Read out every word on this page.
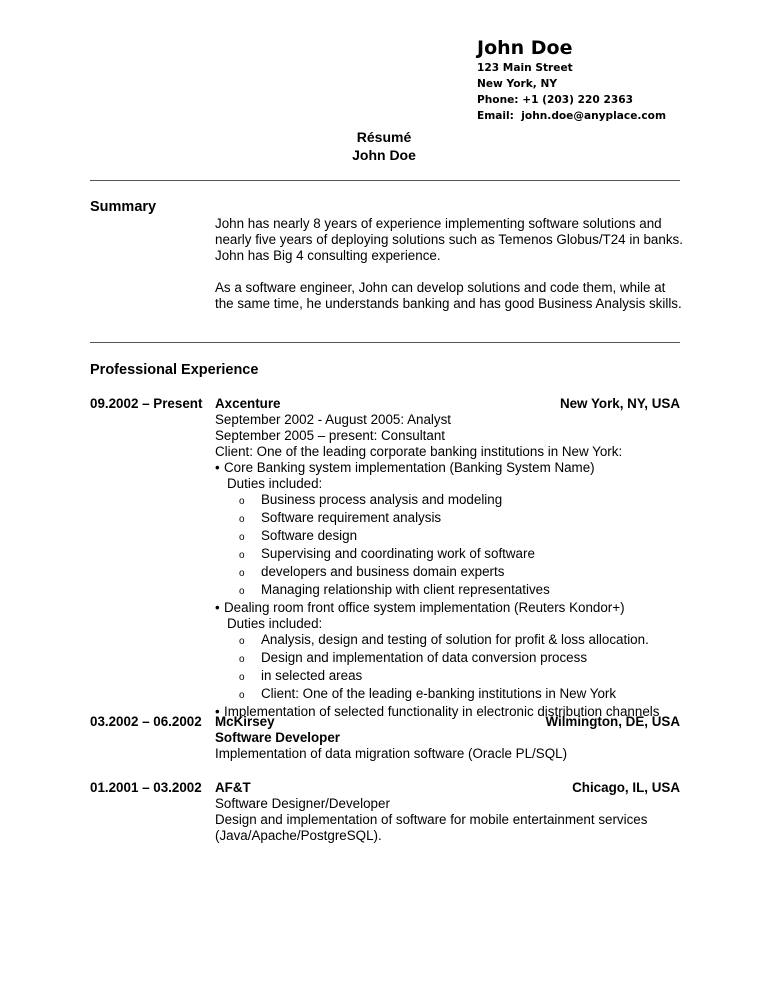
John Doe
123 Main Street
New York, NY
Phone: +1 (203) 220 2363
Email:  john.doe@anyplace.com
Résumé
John Doe
Summary
John has nearly 8 years of experience implementing software solutions and nearly five years of deploying solutions such as Temenos Globus/T24 in banks. John has Big 4 consulting experience.
As a software engineer, John can develop solutions and code them, while at the same time, he understands banking and has good Business Analysis skills.
Professional Experience
09.2002 – Present Axcenture	New York, NY, USA
September 2002 - August 2005: Analyst
September 2005 – present: Consultant
Client: One of the leading corporate banking institutions in New York:
• Core Banking system implementation (Banking System Name)
Duties included:
o Business process analysis and modeling
o Software requirement analysis
o Software design
o Supervising and coordinating work of software
o developers and business domain experts
o Managing relationship with client representatives
• Dealing room front office system implementation (Reuters Kondor+)
Duties included:
o Analysis, design and testing of solution for profit & loss allocation.
o Design and implementation of data conversion process
o in selected areas
o Client: One of the leading e-banking institutions in New York
• Implementation of selected functionality in electronic distribution channels
03.2002 – 06.2002 McKirsey	Wilmington, DE, USA
Software Developer
Implementation of data migration software (Oracle PL/SQL)
01.2001 – 03.2002 AF&T	Chicago, IL, USA
Software Designer/Developer
Design and implementation of software for mobile entertainment services
(Java/Apache/PostgreSQL).
